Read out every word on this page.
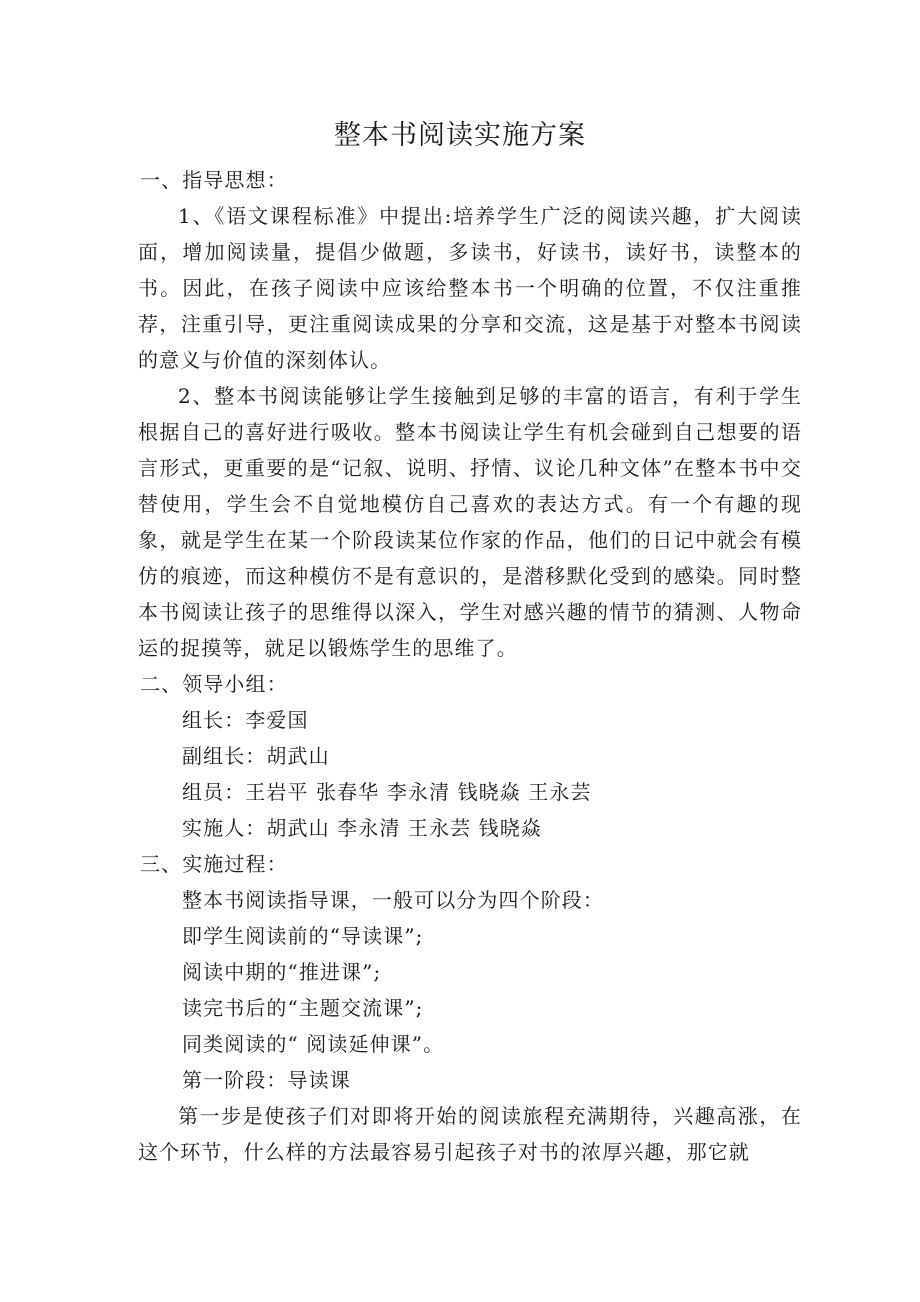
整本书阅读实施方案

一、指导思想：

1、《语文课程标准》中提出:培养学生广泛的阅读兴趣，扩大阅读面，增加阅读量，提倡少做题，多读书，好读书，读好书，读整本的书。因此，在孩子阅读中应该给整本书一个明确的位置，不仅注重推荐，注重引导，更注重阅读成果的分享和交流，这是基于对整本书阅读的意义与价值的深刻体认。

2、整本书阅读能够让学生接触到足够的丰富的语言，有利于学生根据自己的喜好进行吸收。整本书阅读让学生有机会碰到自己想要的语言形式，更重要的是“记叙、说明、抒情、议论几种文体”在整本书中交替使用，学生会不自觉地模仿自己喜欢的表达方式。有一个有趣的现象，就是学生在某一个阶段读某位作家的作品，他们的日记中就会有模仿的痕迹，而这种模仿不是有意识的，是潜移默化受到的感染。同时整本书阅读让孩子的思维得以深入，学生对感兴趣的情节的猜测、人物命运的捉摸等，就足以锻炼学生的思维了。

二、领导小组：

组长：李爱国

副组长：胡武山

组员：王岩平 张春华 李永清 钱晓焱 王永芸

实施人：胡武山 李永清 王永芸 钱晓焱

三、实施过程：

整本书阅读指导课，一般可以分为四个阶段：

即学生阅读前的“导读课”;

阅读中期的“推进课”;

读完书后的“主题交流课”;

同类阅读的“ 阅读延伸课”。

第一阶段：导读课

第一步是使孩子们对即将开始的阅读旅程充满期待，兴趣高涨，在这个环节，什么样的方法最容易引起孩子对书的浓厚兴趣，那它就
